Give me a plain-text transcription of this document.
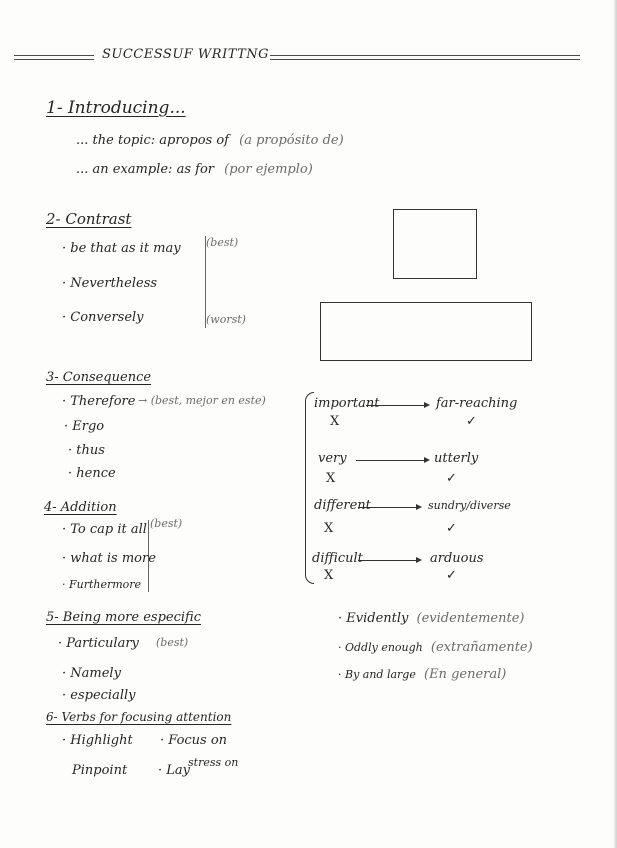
SUCCESSUF WRITTNG
1- Introducing...
... the topic: apropos of (a propósito de)
... an example: as for (por ejemplo)
2- Contrast
· be that as it may
· Nevertheless
· Conversely
(best)
(worst)
3- Consequence
· Therefore → (best, mejor en este)
· Ergo
· thus
· hence
4- Addition
· To cap it all (best)
· what is more
· Furthermore
5- Being more especific
· Particulary (best)
· Namely
· especially
6- Verbs for focusing attention
· Highlight
Pinpoint
· Focus on
· Lay
stress on
important	far-reaching
X	✓
very	utterly
X	✓
different	sundry/diverse
X	✓
difficult	arduous
X	✓
· Evidently (evidentemente)
· Oddly enough (extrañamente)
· By and large (En general)
